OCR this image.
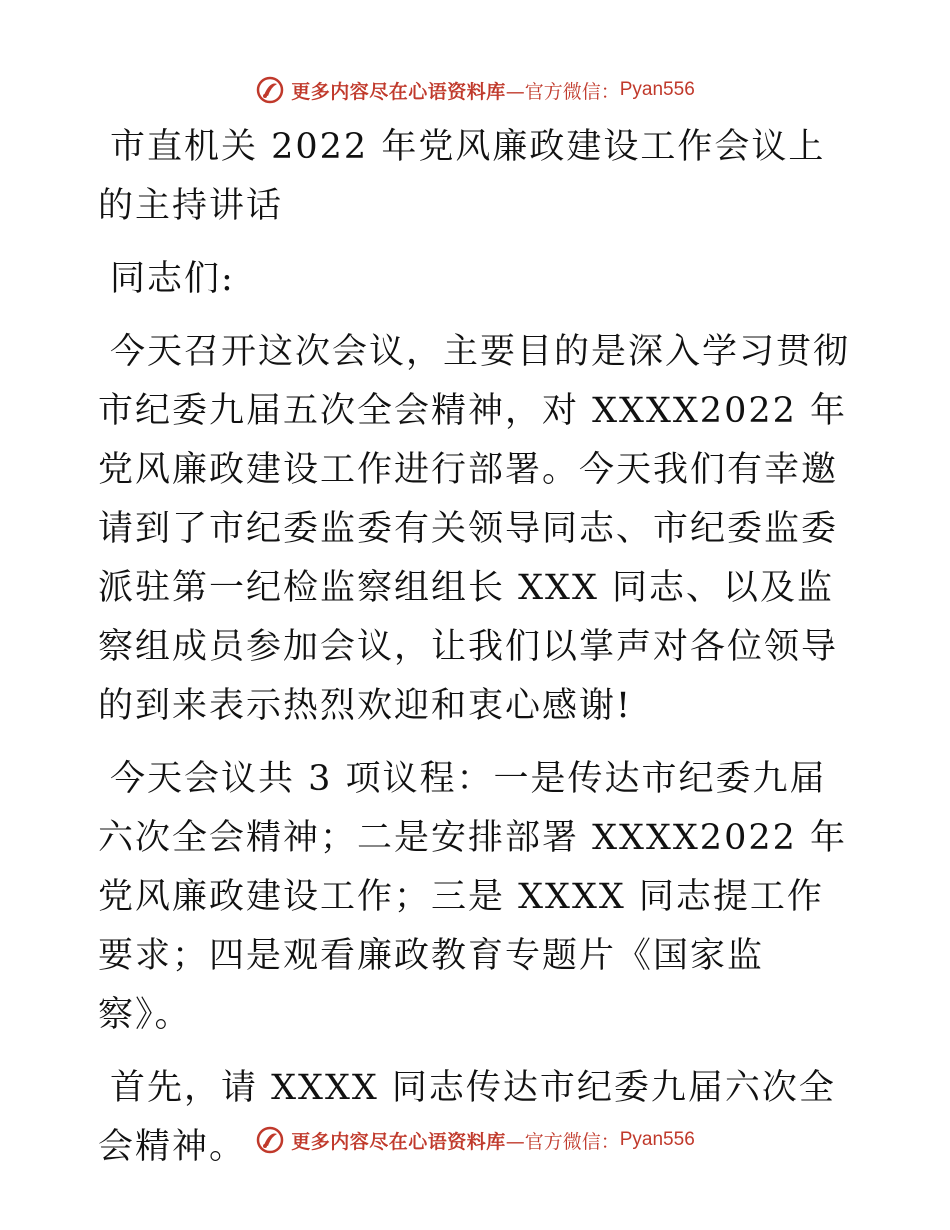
更多内容尽在心语资料库 —官方微信： Pyan556

市直机关 2022 年党风廉政建设工作会议上的主持讲话

同志们:

今天召开这次会议，主要目的是深入学习贯彻市纪委九届五次全会精神，对 XXXX2022 年党风廉政建设工作进行部署。今天我们有幸邀请到了市纪委监委有关领导同志、市纪委监委派驻第一纪检监察组组长 XXX 同志、以及监察组成员参加会议，让我们以掌声对各位领导的到来表示热烈欢迎和衷心感谢!

今天会议共 3 项议程：一是传达市纪委九届六次全会精神；二是安排部署 XXXX2022 年党风廉政建设工作；三是 XXXX 同志提工作要求；四是观看廉政教育专题片《国家监察》。

首先，请 XXXX 同志传达市纪委九届六次全会精神。	更多内容尽在心语资料库 —官方微信： Pyan556
